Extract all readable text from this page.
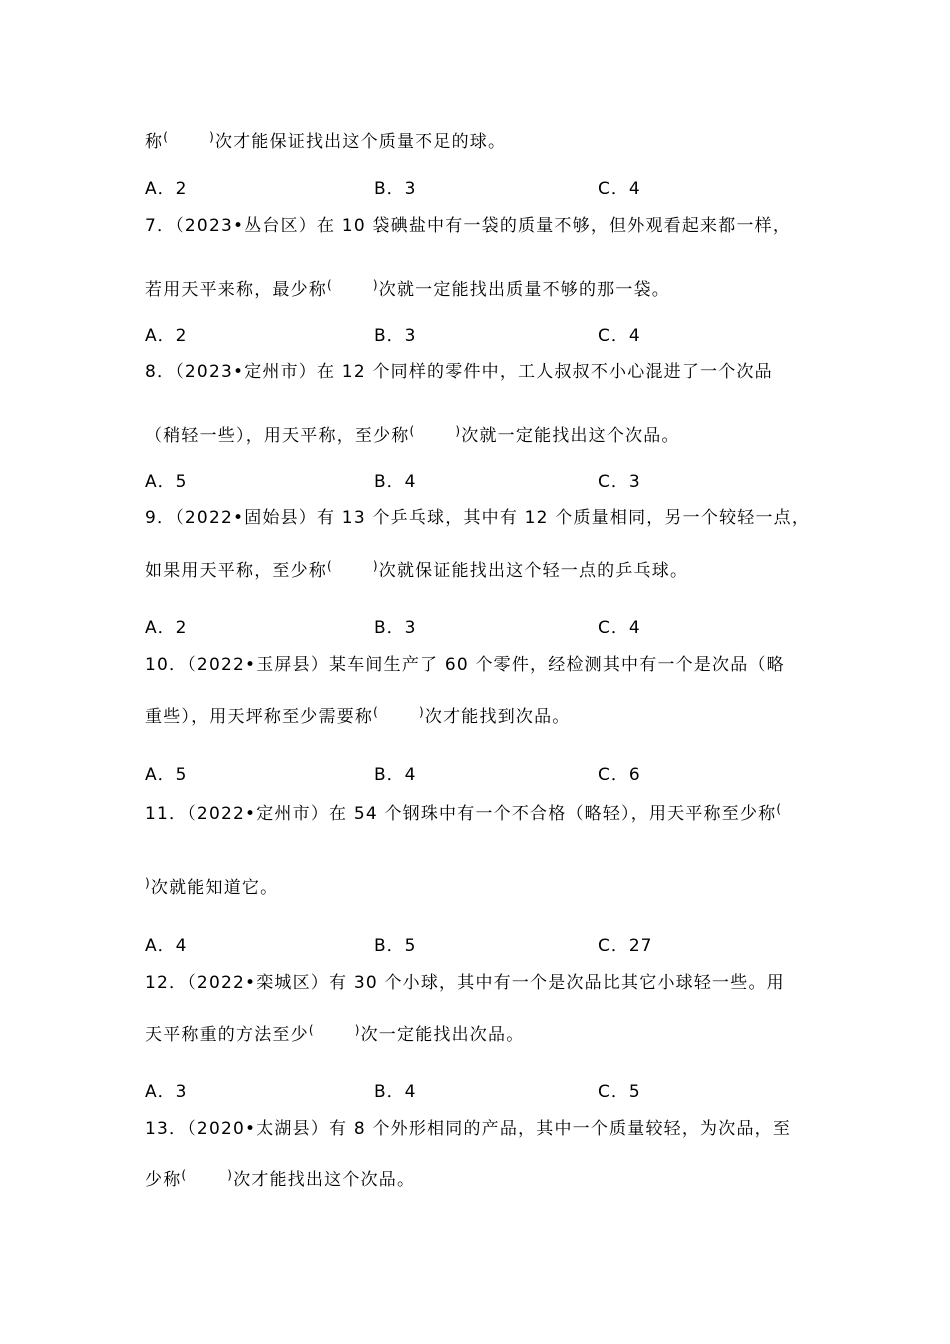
称(	)次才能保证找出这个质量不足的球。
A．2	B．3	C．4
7．（2023•丛台区）在 10 袋碘盐中有一袋的质量不够，但外观看起来都一样，
若用天平来称，最少称(	)次就一定能找出质量不够的那一袋。
A．2	B．3	C．4
8．（2023•定州市）在 12 个同样的零件中，工人叔叔不小心混进了一个次品
（稍轻一些），用天平称，至少称(	)次就一定能找出这个次品。
A．5	B．4	C．3
9．（2022•固始县）有 13 个乒乓球，其中有 12 个质量相同，另一个较轻一点，
如果用天平称，至少称(	)次就保证能找出这个轻一点的乒乓球。
A．2	B．3	C．4
10．（2022•玉屏县）某车间生产了 60 个零件，经检测其中有一个是次品（略
重些），用天坪称至少需要称(	)次才能找到次品。
A．5	B．4	C．6
11．（2022•定州市）在 54 个钢珠中有一个不合格（略轻），用天平称至少称(
)次就能知道它。
A．4	B．5	C．27
12．（2022•栾城区）有 30 个小球，其中有一个是次品比其它小球轻一些。用
天平称重的方法至少(	)次一定能找出次品。
A．3	B．4	C．5
13．（2020•太湖县）有 8 个外形相同的产品，其中一个质量较轻，为次品，至
少称(	)次才能找出这个次品。
